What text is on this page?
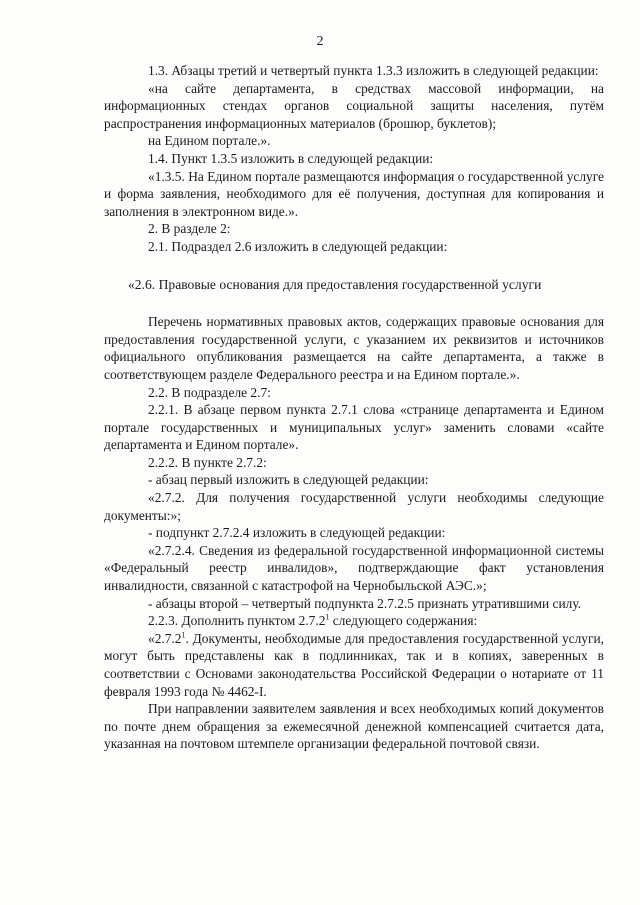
2

1.3. Абзацы третий и четвертый пункта 1.3.3 изложить в следующей редакции:

«на сайте департамента, в средствах массовой информации, на информационных стендах органов социальной защиты населения, путём распространения информационных материалов (брошюр, буклетов);

на Едином портале.».

1.4. Пункт 1.3.5 изложить в следующей редакции:

«1.3.5. На Едином портале размещаются информация о государственной услуге и форма заявления, необходимого для её получения, доступная для копирования и заполнения в электронном виде.».

2. В разделе 2:

2.1. Подраздел 2.6 изложить в следующей редакции:

«2.6. Правовые основания для предоставления государственной услуги

Перечень нормативных правовых актов, содержащих правовые основания для предоставления государственной услуги, с указанием их реквизитов и источников официального опубликования размещается на сайте департамента, а также в соответствующем разделе Федерального реестра и на Едином портале.».

2.2. В подразделе 2.7:

2.2.1. В абзаце первом пункта 2.7.1 слова «странице департамента и Едином портале государственных и муниципальных услуг» заменить словами «сайте департамента и Едином портале».

2.2.2. В пункте 2.7.2:

- абзац первый изложить в следующей редакции:

«2.7.2. Для получения государственной услуги необходимы следующие документы:»;

- подпункт 2.7.2.4 изложить в следующей редакции:

«2.7.2.4. Сведения из федеральной государственной информационной системы «Федеральный реестр инвалидов», подтверждающие факт установления инвалидности, связанной с катастрофой на Чернобыльской АЭС.»;

- абзацы второй – четвертый подпункта 2.7.2.5 признать утратившими силу.

2.2.3. Дополнить пунктом 2.7.2$^1$ следующего содержания:

«2.7.2$^1$. Документы, необходимые для предоставления государственной услуги, могут быть представлены как в подлинниках, так и в копиях, заверенных в соответствии с Основами законодательства Российской Федерации о нотариате от 11 февраля 1993 года № 4462-I.

При направлении заявителем заявления и всех необходимых копий документов по почте днем обращения за ежемесячной денежной компенсацией считается дата, указанная на почтовом штемпеле организации федеральной почтовой связи.
